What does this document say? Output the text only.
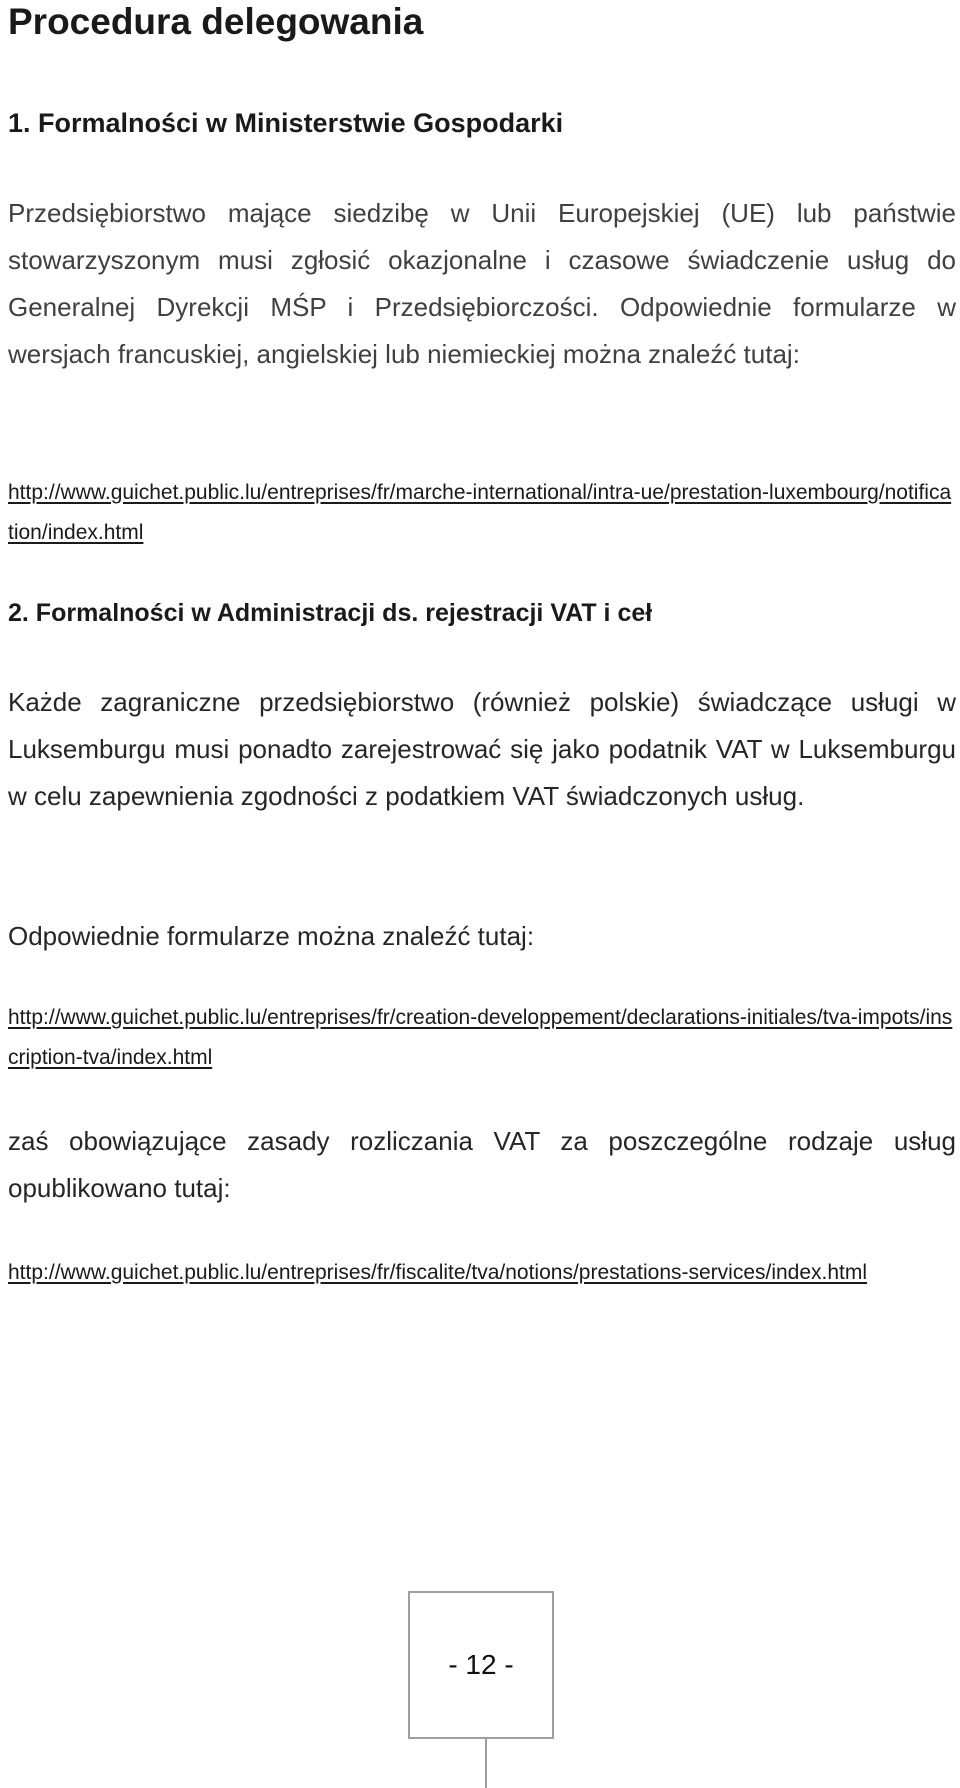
Procedura delegowania
1. Formalności w Ministerstwie Gospodarki

Przedsiębiorstwo mające siedzibę w Unii Europejskiej (UE) lub państwie stowarzyszonym musi zgłosić okazjonalne i czasowe świadczenie usług do Generalnej Dyrekcji MŚP i Przedsiębiorczości. Odpowiednie formularze w wersjach francuskiej, angielskiej lub niemieckiej można znaleźć tutaj:

http://www.guichet.public.lu/entreprises/fr/marche-international/intra-ue/prestation-luxembourg/notification/index.html
2. Formalności w Administracji ds. rejestracji VAT i ceł

Każde zagraniczne przedsiębiorstwo (również polskie) świadczące usługi w Luksemburgu musi ponadto zarejestrować się jako podatnik VAT w Luksemburgu w celu zapewnienia zgodności z podatkiem VAT świadczonych usług.

Odpowiednie formularze można znaleźć tutaj:

http://www.guichet.public.lu/entreprises/fr/creation-developpement/declarations-initiales/tva-impots/inscription-tva/index.html

zaś obowiązujące zasady rozliczania VAT za poszczególne rodzaje usług opublikowano tutaj:

http://www.guichet.public.lu/entreprises/fr/fiscalite/tva/notions/prestations-services/index.html
- 12 -
